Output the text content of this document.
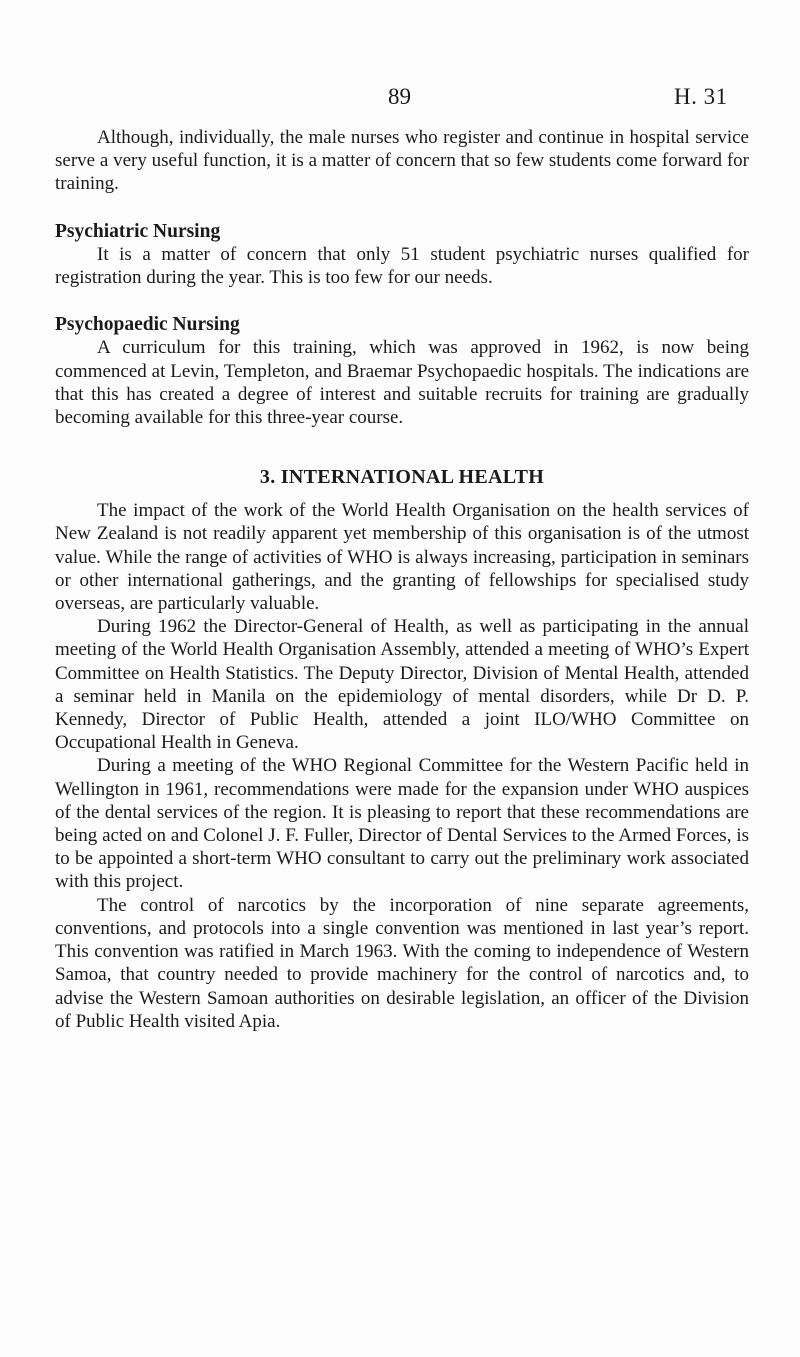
89	H. 31

Although, individually, the male nurses who register and continue in hospital service serve a very useful function, it is a matter of concern that so few students come forward for training.

Psychiatric Nursing

It is a matter of concern that only 51 student psychiatric nurses qualified for registration during the year. This is too few for our needs.

Psychopaedic Nursing

A curriculum for this training, which was approved in 1962, is now being commenced at Levin, Templeton, and Braemar Psychopaedic hospitals. The indications are that this has created a degree of interest and suitable recruits for training are gradually becoming available for this three-year course.

3. INTERNATIONAL HEALTH

The impact of the work of the World Health Organisation on the health services of New Zealand is not readily apparent yet membership of this organisation is of the utmost value. While the range of activities of WHO is always increasing, participation in seminars or other international gatherings, and the granting of fellowships for specialised study overseas, are particularly valuable.

During 1962 the Director-General of Health, as well as participating in the annual meeting of the World Health Organisation Assembly, attended a meeting of WHO’s Expert Committee on Health Statistics. The Deputy Director, Division of Mental Health, attended a seminar held in Manila on the epidemiology of mental disorders, while Dr D. P. Kennedy, Director of Public Health, attended a joint ILO/WHO Committee on Occupational Health in Geneva.

During a meeting of the WHO Regional Committee for the Western Pacific held in Wellington in 1961, recommendations were made for the expansion under WHO auspices of the dental services of the region. It is pleasing to report that these recommendations are being acted on and Colonel J. F. Fuller, Director of Dental Services to the Armed Forces, is to be appointed a short-term WHO consultant to carry out the preliminary work associated with this project.

The control of narcotics by the incorporation of nine separate agreements, conventions, and protocols into a single convention was mentioned in last year’s report. This convention was ratified in March 1963. With the coming to independence of Western Samoa, that country needed to provide machinery for the control of narcotics and, to advise the Western Samoan authorities on desirable legislation, an officer of the Division of Public Health visited Apia.
